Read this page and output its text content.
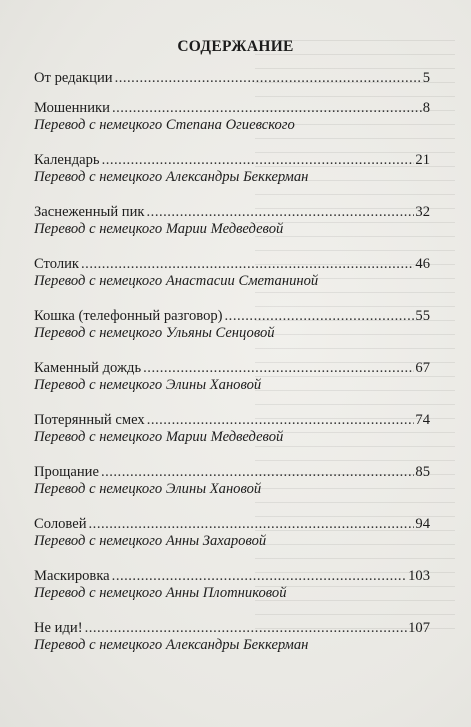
СОДЕРЖАНИЕ
От редакции .....	5
Мошенники .....	8
Перевод с немецкого Степана Огиевского
Календарь .....	21
Перевод с немецкого Александры Беккерман
Заснеженный пик .....	32
Перевод с немецкого Марии Медведевой
Столик .....	46
Перевод с немецкого Анастасии Сметаниной
Кошка (телефонный разговор) .....	55
Перевод с немецкого Ульяны Сенцовой
Каменный дождь .....	67
Перевод с немецкого Элины Хановой
Потерянный смех .....	74
Перевод с немецкого Марии Медведевой
Прощание .....	85
Перевод с немецкого Элины Хановой
Соловей .....	94
Перевод с немецкого Анны Захаровой
Маскировка .....	103
Перевод с немецкого Анны Плотниковой
Не иди! .....	107
Перевод с немецкого Александры Беккерман
